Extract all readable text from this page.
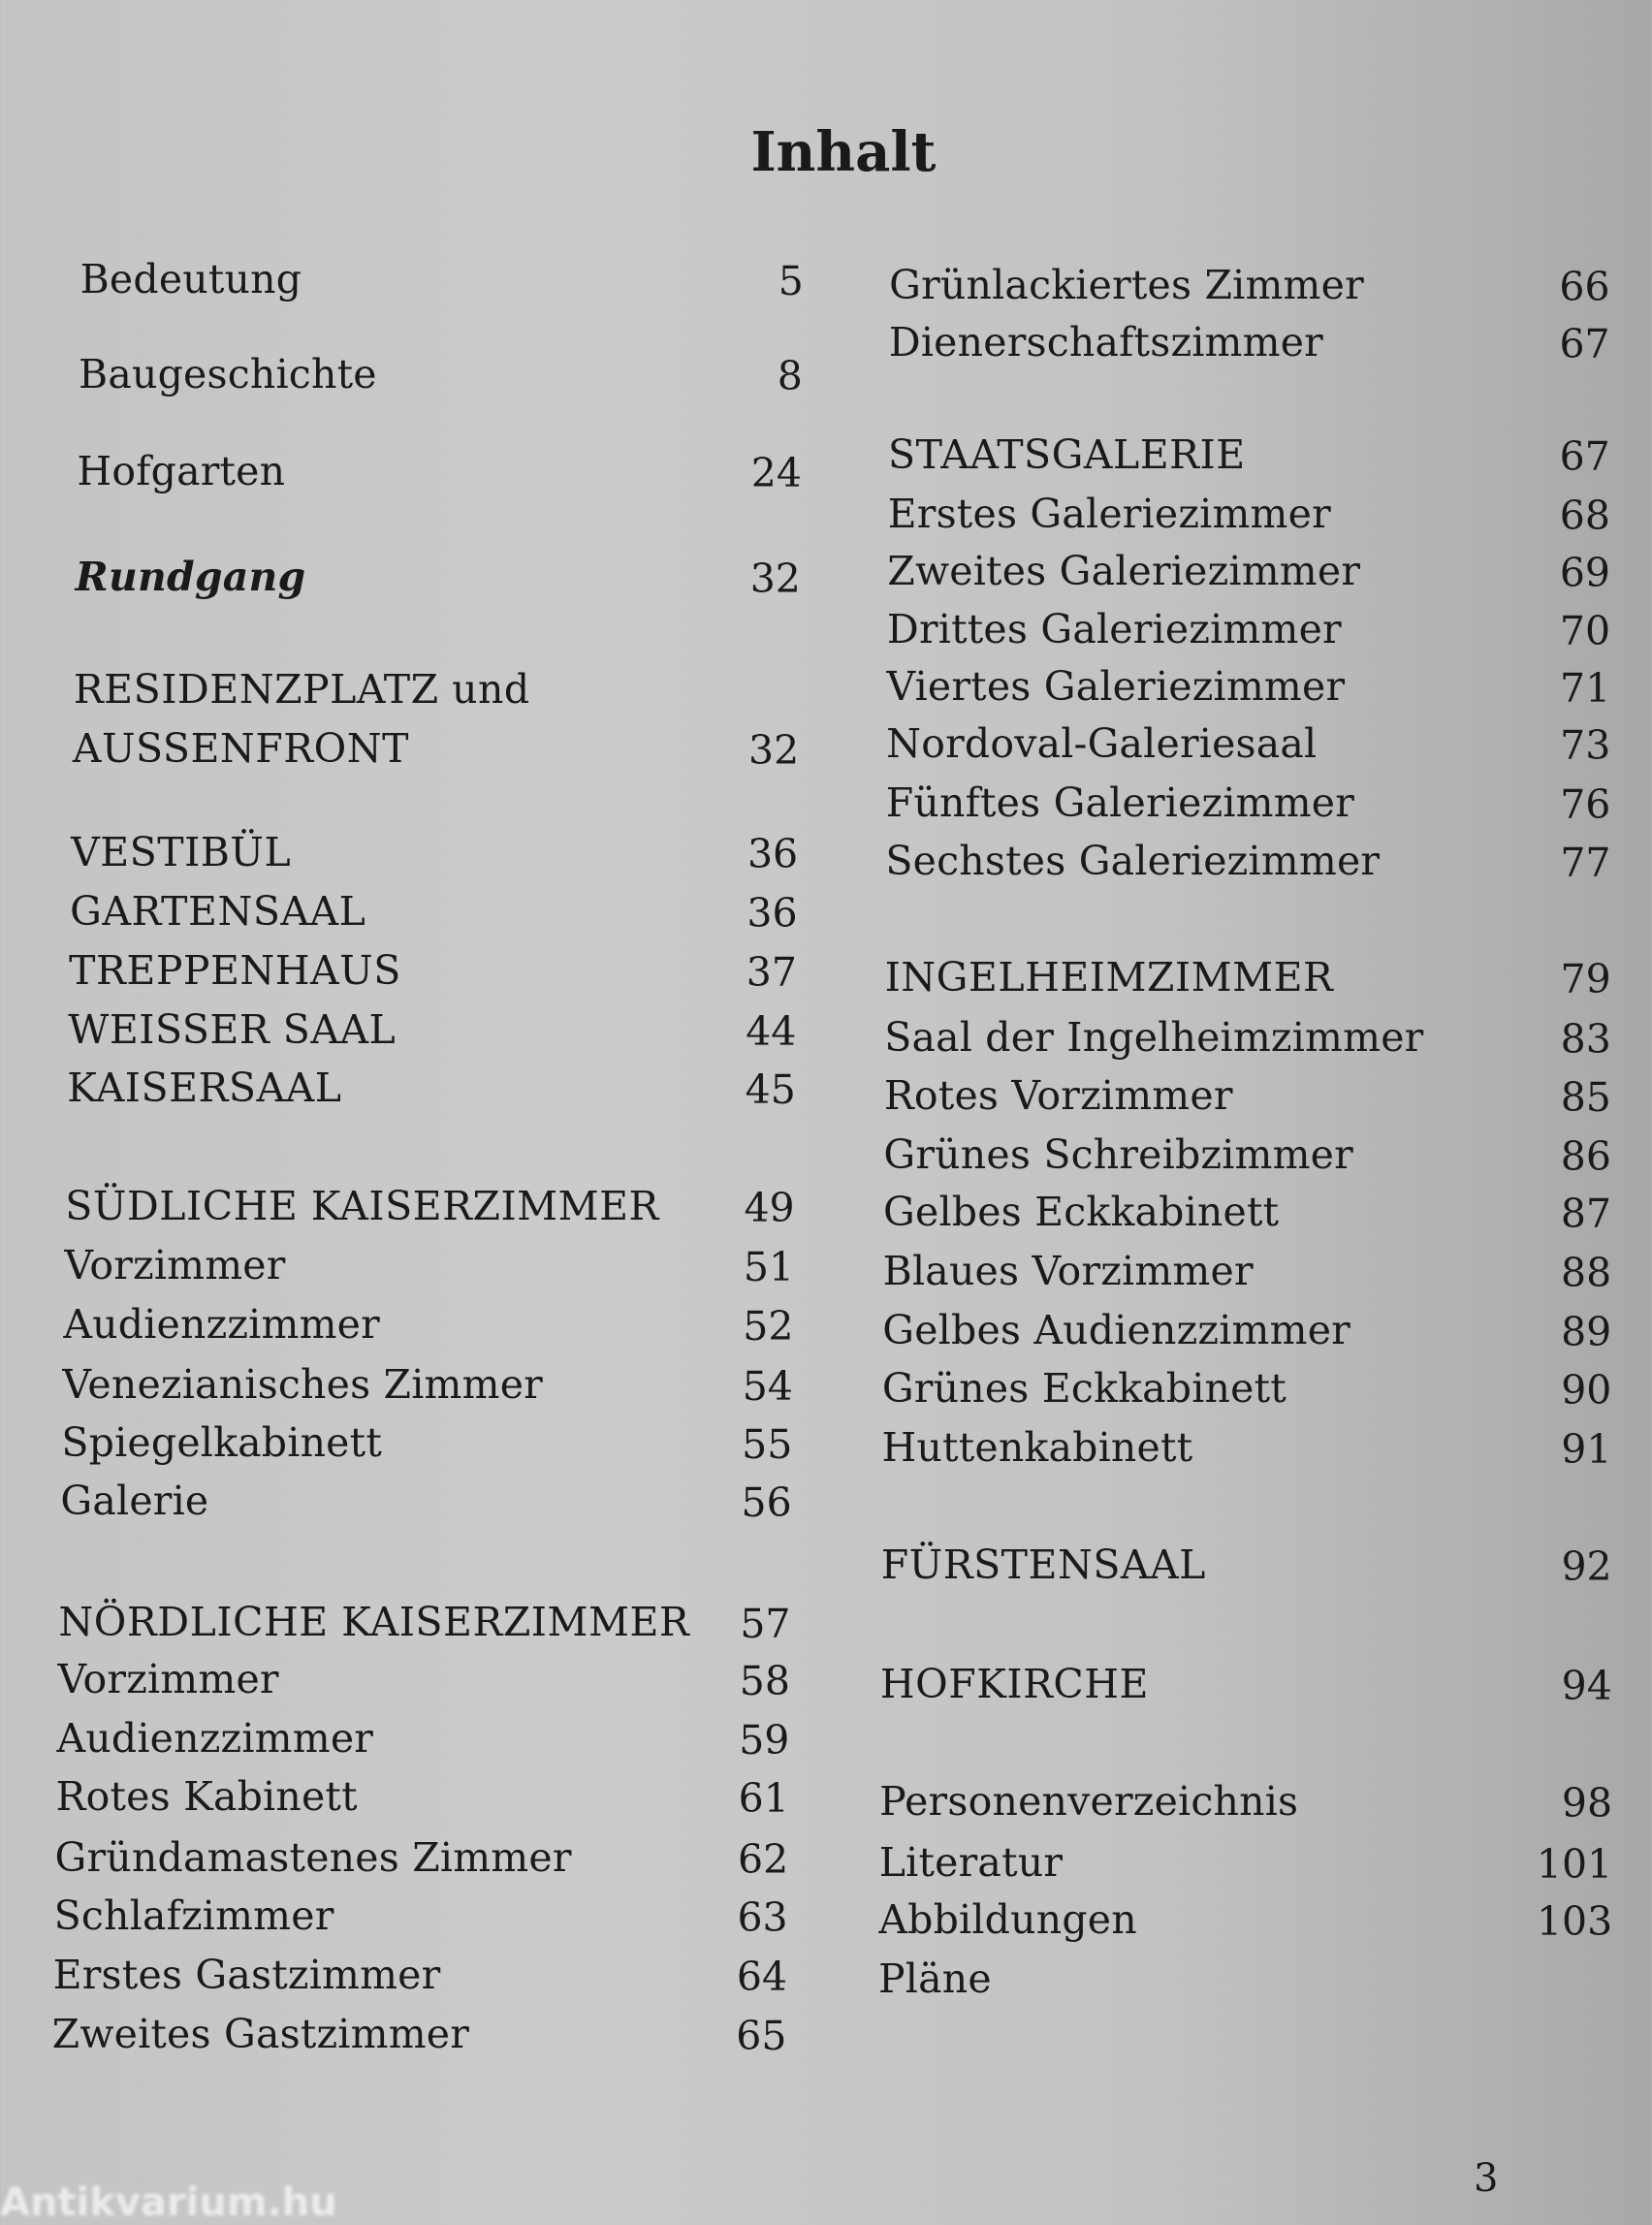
Inhalt
Bedeutung	5
Baugeschichte	8
Hofgarten	24
Rundgang	32
RESIDENZPLATZ und
AUSSENFRONT	32
VESTIBÜL	36
GARTENSAAL	36
TREPPENHAUS	37
WEISSER SAAL	44
KAISERSAAL	45
SÜDLICHE KAISERZIMMER	49
Vorzimmer	51
Audienzzimmer	52
Venezianisches Zimmer	54
Spiegelkabinett	55
Galerie	56
NÖRDLICHE KAISERZIMMER	57
Vorzimmer	58
Audienzzimmer	59
Rotes Kabinett	61
Gründamastenes Zimmer	62
Schlafzimmer	63
Erstes Gastzimmer	64
Zweites Gastzimmer	65
Grünlackiertes Zimmer	66
Dienerschaftszimmer	67
STAATSGALERIE	67
Erstes Galeriezimmer	68
Zweites Galeriezimmer	69
Drittes Galeriezimmer	70
Viertes Galeriezimmer	71
Nordoval-Galeriesaal	73
Fünftes Galeriezimmer	76
Sechstes Galeriezimmer	77
INGELHEIMZIMMER	79
Saal der Ingelheimzimmer	83
Rotes Vorzimmer	85
Grünes Schreibzimmer	86
Gelbes Eckkabinett	87
Blaues Vorzimmer	88
Gelbes Audienzzimmer	89
Grünes Eckkabinett	90
Huttenkabinett	91
FÜRSTENSAAL	92
HOFKIRCHE	94
Personenverzeichnis	98
Literatur	101
Abbildungen	103
Pläne
3
Antikvarium.hu
